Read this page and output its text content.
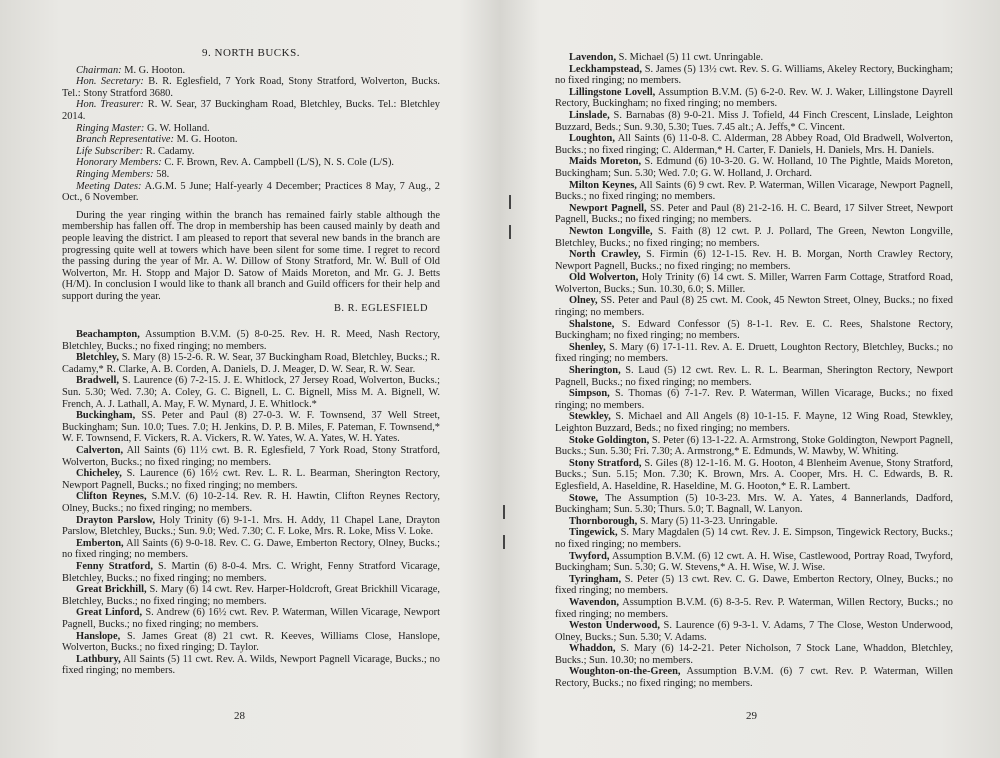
9. NORTH BUCKS.

Chairman: M. G. Hooton.

Hon. Secretary: B. R. Eglesfield, 7 York Road, Stony Stratford, Wolverton, Bucks. Tel.: Stony Stratford 3680.

Hon. Treasurer: R. W. Sear, 37 Buckingham Road, Bletchley, Bucks. Tel.: Bletchley 2014.

Ringing Master: G. W. Holland.

Branch Representative: M. G. Hooton.

Life Subscriber: R. Cadamy.

Honorary Members: C. F. Brown, Rev. A. Campbell (L/S), N. S. Cole (L/S).

Ringing Members: 58.

Meeting Dates: A.G.M. 5 June; Half-yearly 4 December; Practices 8 May, 7 Aug., 2 Oct., 6 November.

During the year ringing within the branch has remained fairly stable although the membership has fallen off. The drop in membership has been caused mainly by death and people leaving the district. I am pleased to report that several new bands in the branch are progressing quite well at towers which have been silent for some time. I regret to record the passing during the year of Mr. A. W. Dillow of Stony Stratford, Mr. W. Bull of Old Wolverton, Mr. H. Stopp and Major D. Satow of Maids Moreton, and Mr. G. J. Betts (H/M). In conclusion I would like to thank all branch and Guild officers for their help and support during the year.

B. R. EGLESFIELD

Beachampton, Assumption B.V.M. (5) 8-0-25. Rev. H. R. Meed, Nash Rectory, Bletchley, Bucks.; no fixed ringing; no members.

Bletchley, S. Mary (8) 15-2-6. R. W. Sear, 37 Buckingham Road, Bletchley, Bucks.; R. Cadamy,* R. Clarke, A. B. Corden, A. Daniels, D. J. Meager, D. W. Sear, R. W. Sear.

Bradwell, S. Laurence (6) 7-2-15. J. E. Whitlock, 27 Jersey Road, Wolverton, Bucks.; Sun. 5.30; Wed. 7.30; A. Coley, G. C. Bignell, L. C. Bignell, Miss M. A. Bignell, W. French, A. J. Lathall, A. May, F. W. Mynard, J. E. Whitlock.*

Buckingham, SS. Peter and Paul (8) 27-0-3. W. F. Townsend, 37 Well Street, Buckingham; Sun. 10.0; Tues. 7.0; H. Jenkins, D. P. B. Miles, F. Pateman, F. Townsend,* W. F. Townsend, F. Vickers, R. A. Vickers, R. W. Yates, W. A. Yates, W. H. Yates.

Calverton, All Saints (6) 11½ cwt. B. R. Eglesfield, 7 York Road, Stony Stratford, Wolverton, Bucks.; no fixed ringing; no members.

Chicheley, S. Laurence (6) 16½ cwt. Rev. L. R. L. Bearman, Sherington Rectory, Newport Pagnell, Bucks.; no fixed ringing; no members.

Clifton Reynes, S.M.V. (6) 10-2-14. Rev. R. H. Hawtin, Clifton Reynes Rectory, Olney, Bucks.; no fixed ringing; no members.

Drayton Parslow, Holy Trinity (6) 9-1-1. Mrs. H. Addy, 11 Chapel Lane, Drayton Parslow, Bletchley, Bucks.; Sun. 9.0; Wed. 7.30; C. F. Loke, Mrs. R. Loke, Miss V. Loke.

Emberton, All Saints (6) 9-0-18. Rev. C. G. Dawe, Emberton Rectory, Olney, Bucks.; no fixed ringing; no members.

Fenny Stratford, S. Martin (6) 8-0-4. Mrs. C. Wright, Fenny Stratford Vicarage, Bletchley, Bucks.; no fixed ringing; no members.

Great Brickhill, S. Mary (6) 14 cwt. Rev. Harper-Holdcroft, Great Brickhill Vicarage, Bletchley, Bucks.; no fixed ringing; no members.

Great Linford, S. Andrew (6) 16½ cwt. Rev. P. Waterman, Willen Vicarage, Newport Pagnell, Bucks.; no fixed ringing; no members.

Hanslope, S. James Great (8) 21 cwt. R. Keeves, Williams Close, Hanslope, Wolverton, Bucks.; no fixed ringing; D. Taylor.

Lathbury, All Saints (5) 11 cwt. Rev. A. Wilds, Newport Pagnell Vicarage, Bucks.; no fixed ringing; no members.

28

Lavendon, S. Michael (5) 11 cwt. Unringable.

Leckhampstead, S. James (5) 13½ cwt. Rev. S. G. Williams, Akeley Rectory, Buckingham; no fixed ringing; no members.

Lillingstone Lovell, Assumption B.V.M. (5) 6-2-0. Rev. W. J. Waker, Lillingstone Dayrell Rectory, Buckingham; no fixed ringing; no members.

Linslade, S. Barnabas (8) 9-0-21. Miss J. Tofield, 44 Finch Crescent, Linslade, Leighton Buzzard, Beds.; Sun. 9.30, 5.30; Tues. 7.45 alt.; A. Jeffs,* C. Vincent.

Loughton, All Saints (6) 11-0-8. C. Alderman, 28 Abbey Road, Old Bradwell, Wolverton, Bucks.; no fixed ringing; C. Alderman,* H. Carter, F. Daniels, H. Daniels, Mrs. H. Daniels.

Maids Moreton, S. Edmund (6) 10-3-20. G. W. Holland, 10 The Pightle, Maids Moreton, Buckingham; Sun. 5.30; Wed. 7.0; G. W. Holland, J. Orchard.

Milton Keynes, All Saints (6) 9 cwt. Rev. P. Waterman, Willen Vicarage, Newport Pagnell, Bucks.; no fixed ringing; no members.

Newport Pagnell, SS. Peter and Paul (8) 21-2-16. H. C. Beard, 17 Silver Street, Newport Pagnell, Bucks.; no fixed ringing; no members.

Newton Longville, S. Faith (8) 12 cwt. P. J. Pollard, The Green, Newton Longville, Bletchley, Bucks.; no fixed ringing; no members.

North Crawley, S. Firmin (6) 12-1-15. Rev. H. B. Morgan, North Crawley Rectory, Newport Pagnell, Bucks.; no fixed ringing; no members.

Old Wolverton, Holy Trinity (6) 14 cwt. S. Miller, Warren Farm Cottage, Stratford Road, Wolverton, Bucks.; Sun. 10.30, 6.0; S. Miller.

Olney, SS. Peter and Paul (8) 25 cwt. M. Cook, 45 Newton Street, Olney, Bucks.; no fixed ringing; no members.

Shalstone, S. Edward Confessor (5) 8-1-1. Rev. E. C. Rees, Shalstone Rectory, Buckingham; no fixed ringing; no members.

Shenley, S. Mary (6) 17-1-11. Rev. A. E. Druett, Loughton Rectory, Bletchley, Bucks.; no fixed ringing; no members.

Sherington, S. Laud (5) 12 cwt. Rev. L. R. L. Bearman, Sherington Rectory, Newport Pagnell, Bucks.; no fixed ringing; no members.

Simpson, S. Thomas (6) 7-1-7. Rev. P. Waterman, Willen Vicarage, Bucks.; no fixed ringing; no members.

Stewkley, S. Michael and All Angels (8) 10-1-15. F. Mayne, 12 Wing Road, Stewkley, Leighton Buzzard, Beds.; no fixed ringing; no members.

Stoke Goldington, S. Peter (6) 13-1-22. A. Armstrong, Stoke Goldington, Newport Pagnell, Bucks.; Sun. 5.30; Fri. 7.30; A. Armstrong,* E. Edmunds, W. Mawby, W. Whiting.

Stony Stratford, S. Giles (8) 12-1-16. M. G. Hooton, 4 Blenheim Avenue, Stony Stratford, Bucks.; Sun. 5.15; Mon. 7.30; K. Brown, Mrs. A. Cooper, Mrs. H. C. Edwards, B. R. Eglesfield, A. Haseldine, R. Haseldine, M. G. Hooton,* E. R. Lambert.

Stowe, The Assumption (5) 10-3-23. Mrs. W. A. Yates, 4 Bannerlands, Dadford, Buckingham; Sun. 5.30; Thurs. 5.0; T. Bagnall, W. Lanyon.

Thornborough, S. Mary (5) 11-3-23. Unringable.

Tingewick, S. Mary Magdalen (5) 14 cwt. Rev. J. E. Simpson, Tingewick Rectory, Bucks.; no fixed ringing; no members.

Twyford, Assumption B.V.M. (6) 12 cwt. A. H. Wise, Castlewood, Portray Road, Twyford, Buckingham; Sun. 5.30; G. W. Stevens,* A. H. Wise, W. J. Wise.

Tyringham, S. Peter (5) 13 cwt. Rev. C. G. Dawe, Emberton Rectory, Olney, Bucks.; no fixed ringing; no members.

Wavendon, Assumption B.V.M. (6) 8-3-5. Rev. P. Waterman, Willen Rectory, Bucks.; no fixed ringing; no members.

Weston Underwood, S. Laurence (6) 9-3-1. V. Adams, 7 The Close, Weston Underwood, Olney, Bucks.; Sun. 5.30; V. Adams.

Whaddon, S. Mary (6) 14-2-21. Peter Nicholson, 7 Stock Lane, Whaddon, Bletchley, Bucks.; Sun. 10.30; no members.

Woughton-on-the-Green, Assumption B.V.M. (6) 7 cwt. Rev. P. Waterman, Willen Rectory, Bucks.; no fixed ringing; no members.

29
